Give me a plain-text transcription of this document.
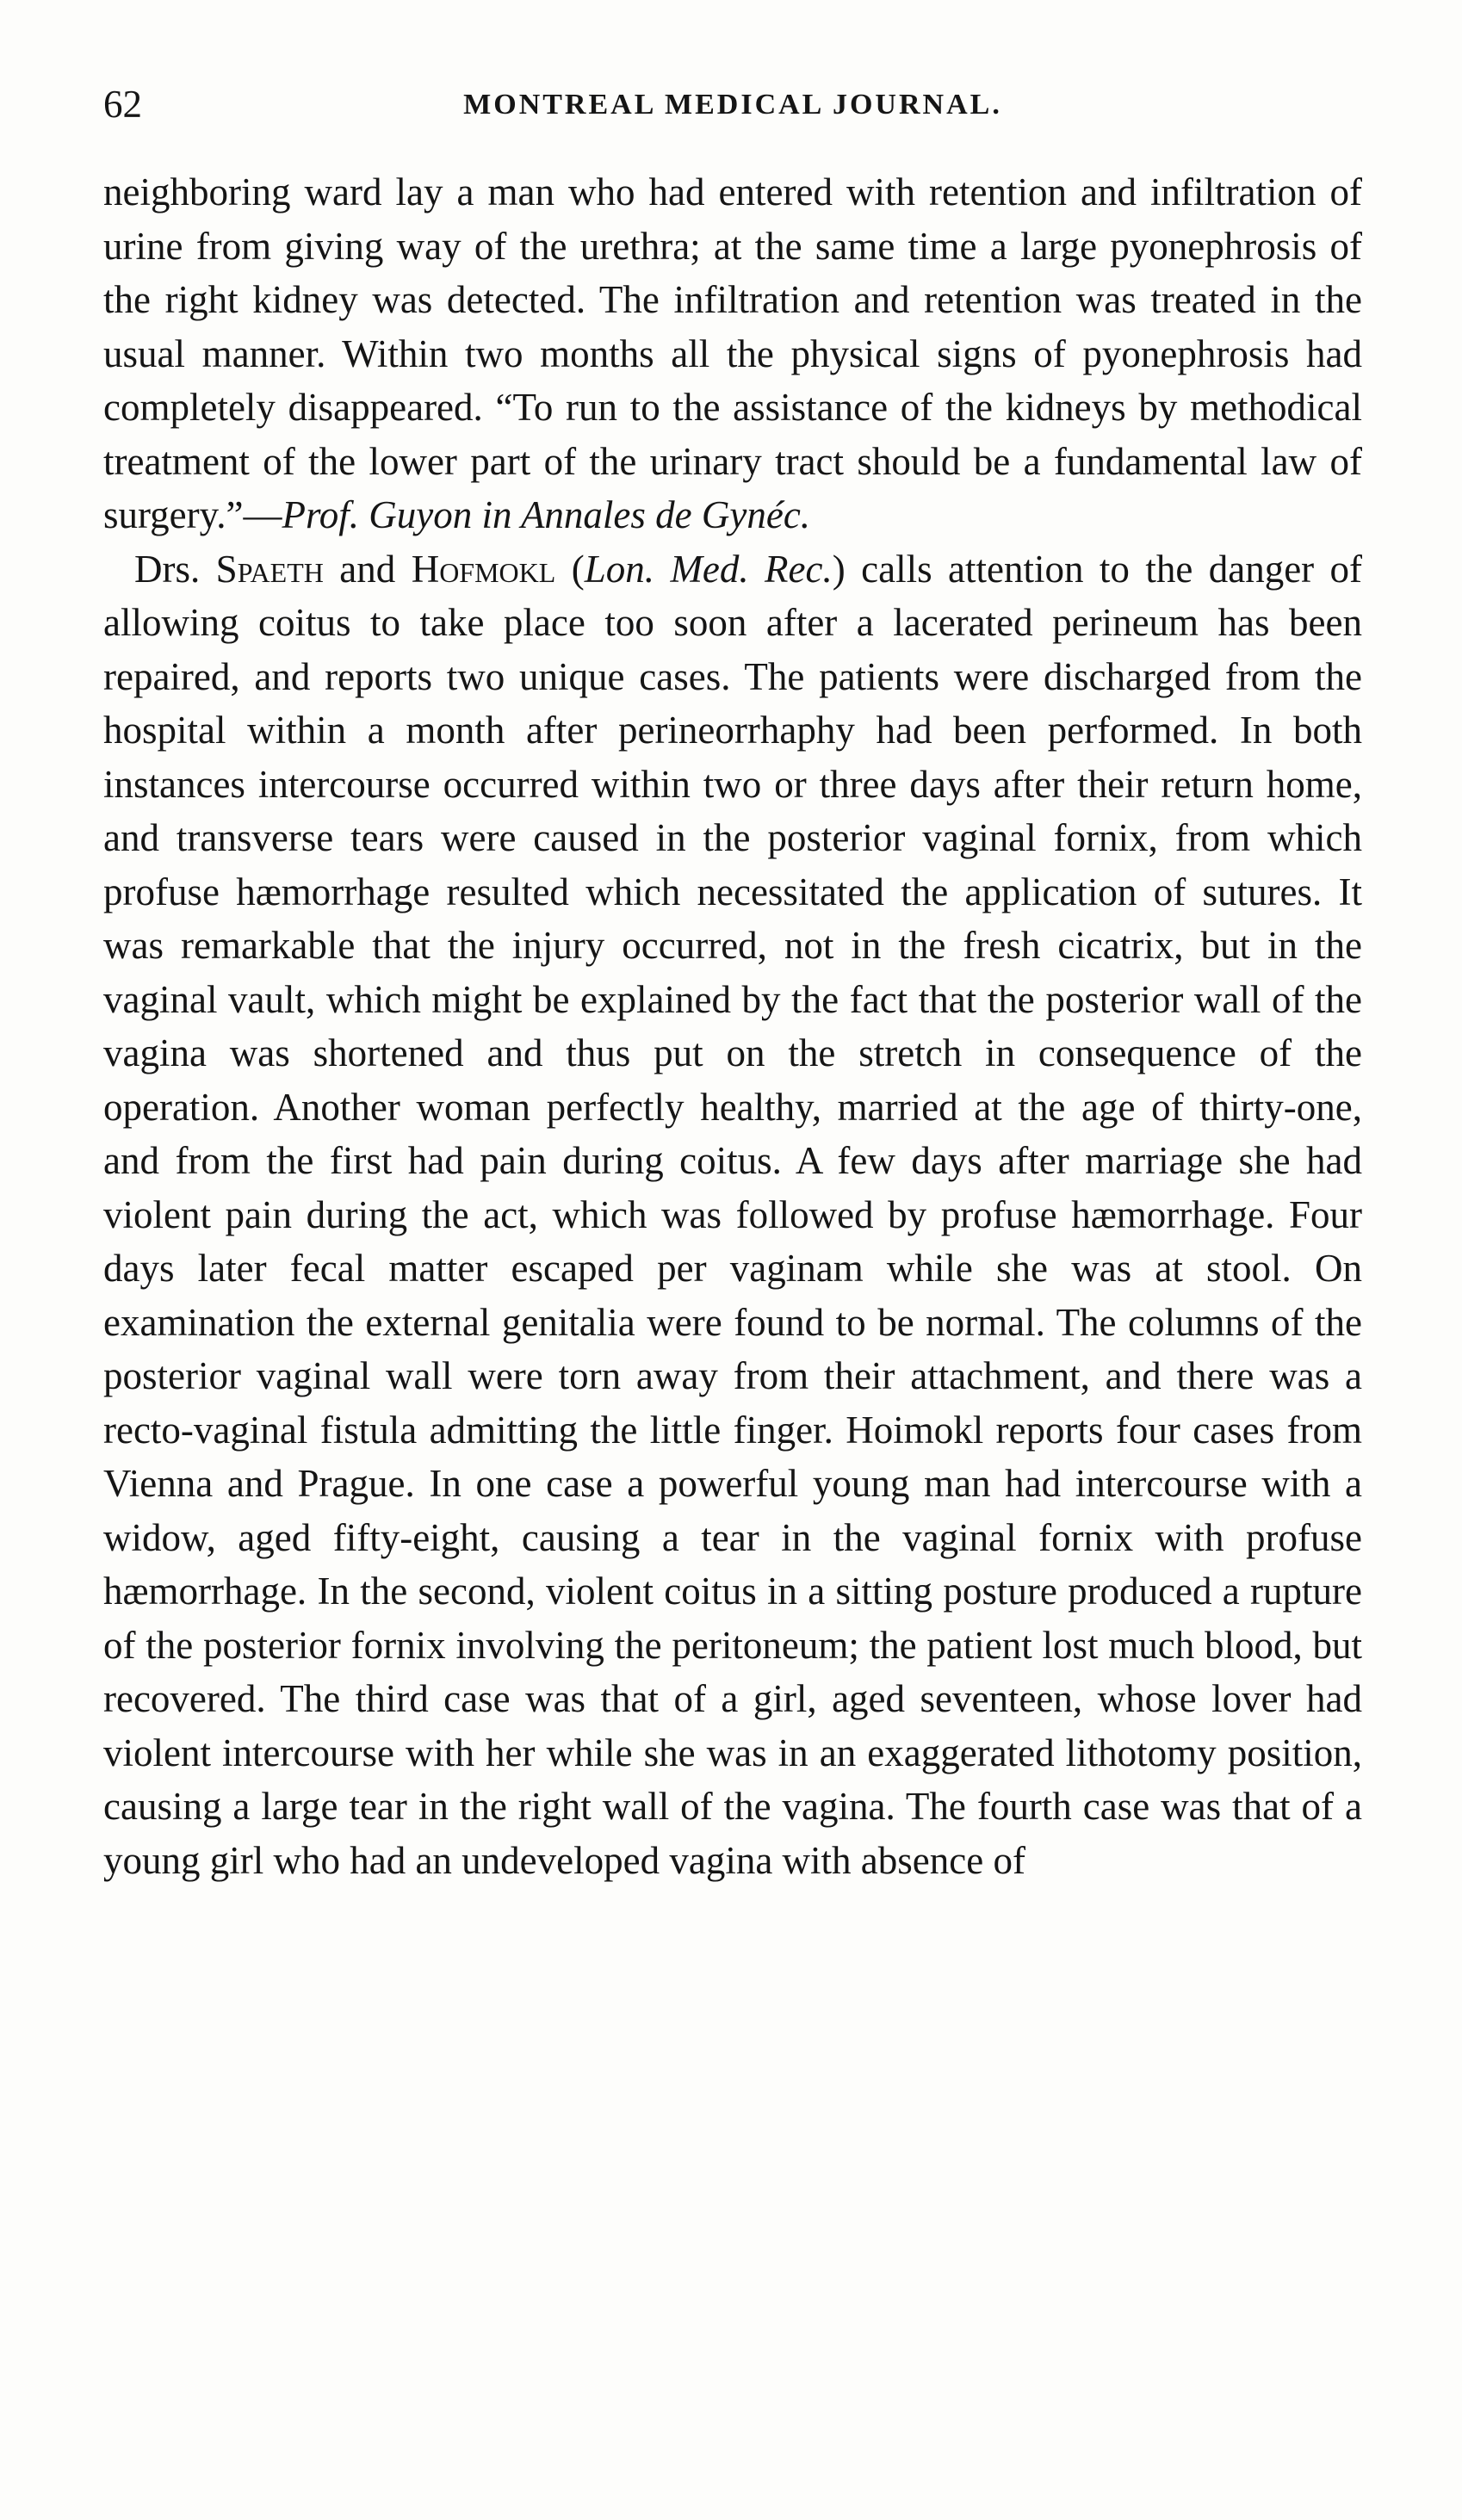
62	MONTREAL MEDICAL JOURNAL.

neighboring ward lay a man who had entered with retention and infiltration of urine from giving way of the urethra; at the same time a large pyonephrosis of the right kidney was detected. The infiltration and retention was treated in the usual manner. Within two months all the physical signs of pyonephrosis had completely disappeared. “To run to the assistance of the kidneys by methodical treatment of the lower part of the urinary tract should be a fundamental law of surgery.”—Prof. Guyon in Annales de Gynéc.

Drs. Spaeth and Hofmokl (Lon. Med. Rec.) calls attention to the danger of allowing coitus to take place too soon after a lacerated perineum has been repaired, and reports two unique cases. The patients were discharged from the hospital within a month after perineorrhaphy had been performed. In both instances intercourse occurred within two or three days after their return home, and transverse tears were caused in the posterior vaginal fornix, from which profuse hæmorrhage resulted which necessitated the application of sutures. It was remarkable that the injury occurred, not in the fresh cicatrix, but in the vaginal vault, which might be explained by the fact that the posterior wall of the vagina was shortened and thus put on the stretch in consequence of the operation. Another woman perfectly healthy, married at the age of thirty-one, and from the first had pain during coitus. A few days after marriage she had violent pain during the act, which was followed by profuse hæmorrhage. Four days later fecal matter escaped per vaginam while she was at stool. On examination the external genitalia were found to be normal. The columns of the posterior vaginal wall were torn away from their attachment, and there was a recto-vaginal fistula admitting the little finger. Hoimokl reports four cases from Vienna and Prague. In one case a powerful young man had intercourse with a widow, aged fifty-eight, causing a tear in the vaginal fornix with profuse hæmorrhage. In the second, violent coitus in a sitting posture produced a rupture of the posterior fornix involving the peritoneum; the patient lost much blood, but recovered. The third case was that of a girl, aged seventeen, whose lover had violent intercourse with her while she was in an exaggerated lithotomy position, causing a large tear in the right wall of the vagina. The fourth case was that of a young girl who had an undeveloped vagina with absence of
